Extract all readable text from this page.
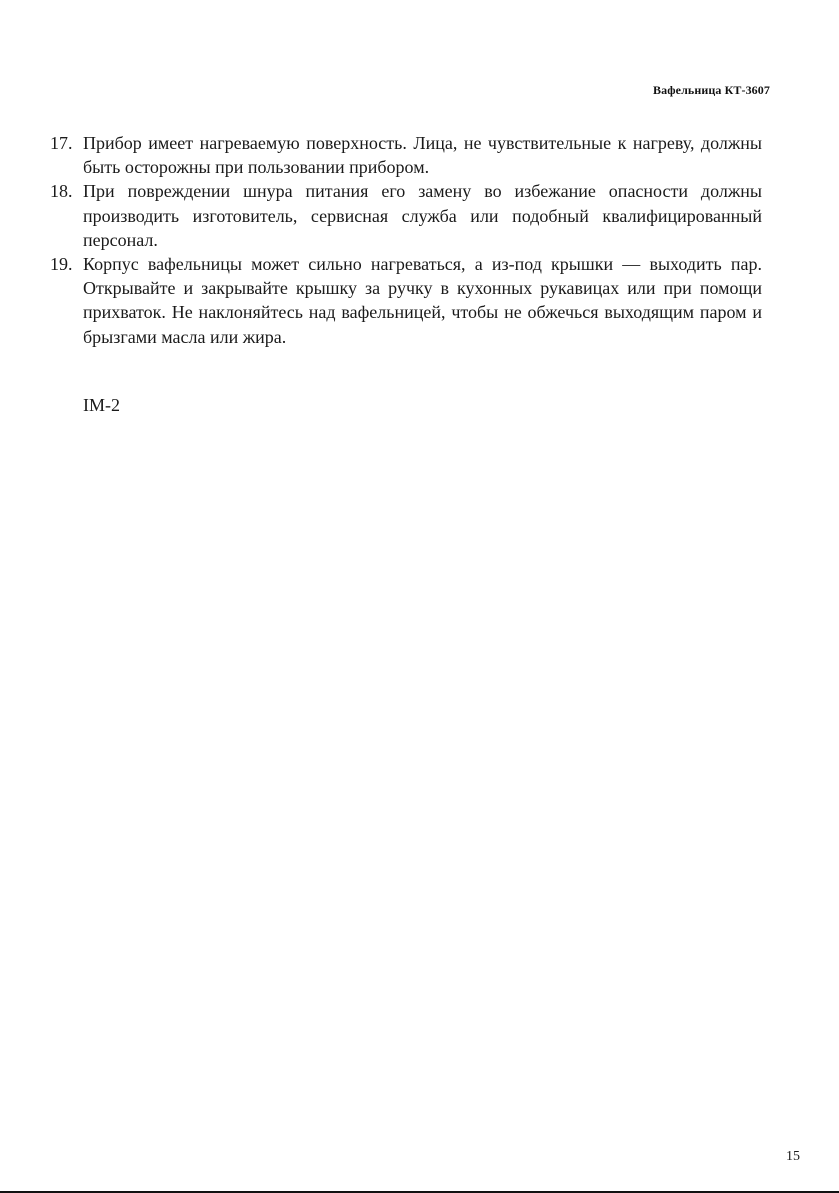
Вафельница КТ-3607
17. Прибор имеет нагреваемую поверхность. Лица, не чувствительные к нагреву, должны быть осторожны при пользовании прибором.
18. При повреждении шнура питания его замену во избежание опасности должны производить изготовитель, сервисная служба или подобный квалифицированный персонал.
19. Корпус вафельницы может сильно нагреваться, а из-под крышки — выходить пар. Открывайте и закрывайте крышку за ручку в кухонных рукавицах или при помощи прихваток. Не наклоняйтесь над вафельницей, чтобы не обжечься выходящим паром и брызгами масла или жира.
IM-2
15
